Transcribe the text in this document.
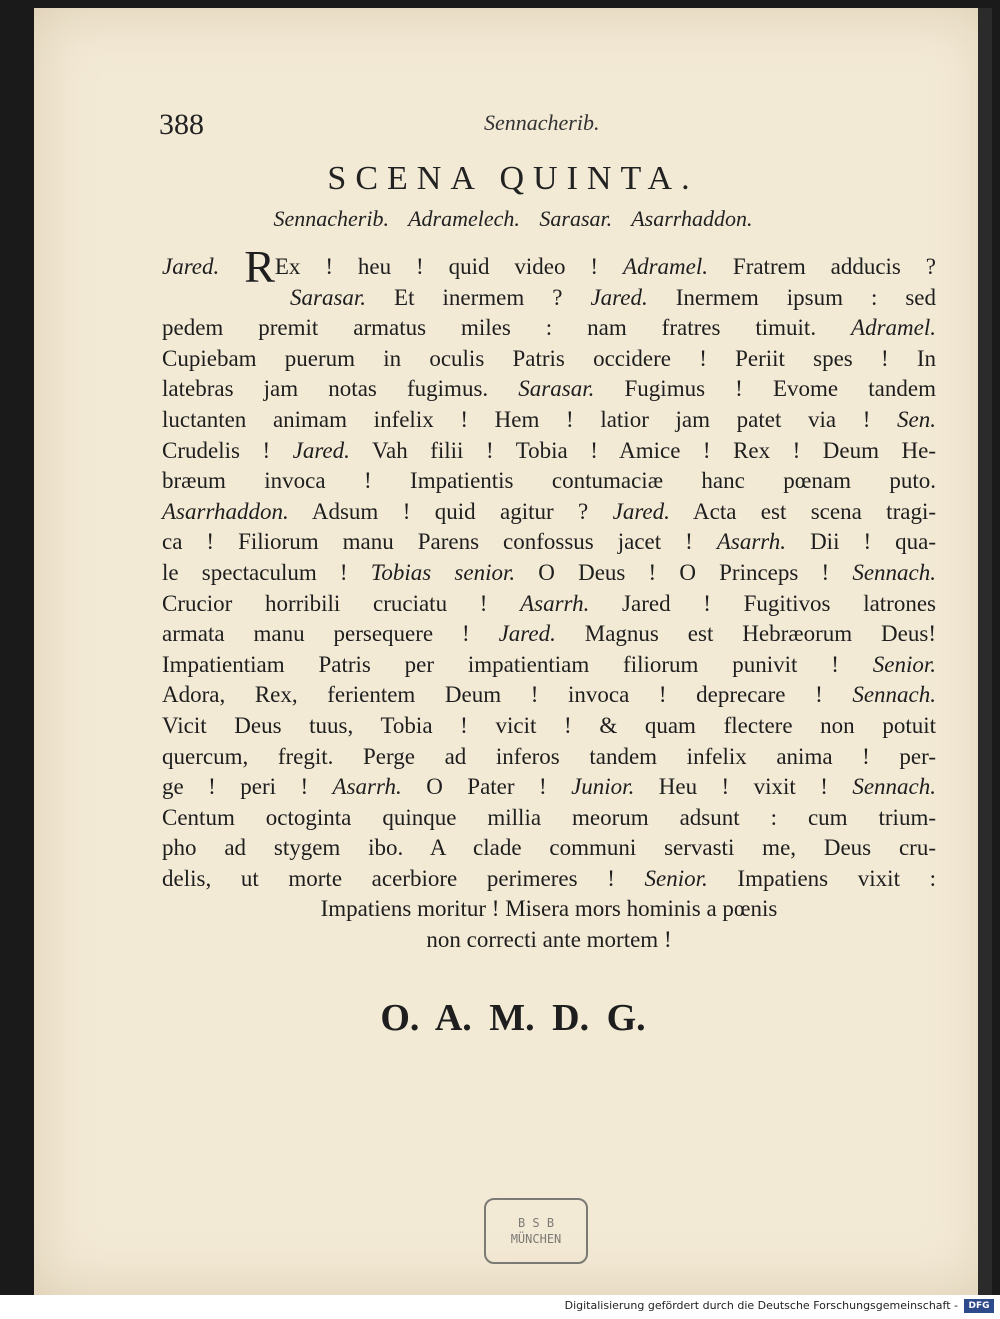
388	Sennacherib.
SCENA QUINTA.
Sennacherib. Adramelech. Sarasar. Asarrhaddon.
Jared. REx ! heu ! quid video ! Adramel. Fratrem adducis ?
Sarasar. Et inermem ? Jared. Inermem ipsum : sed
pedem premit armatus miles : nam fratres timuit. Adramel.
Cupiebam puerum in oculis Patris occidere ! Periit spes ! In
latebras jam notas fugimus. Sarasar. Fugimus ! Evome tandem
luctanten animam infelix ! Hem ! latior jam patet via ! Sen.
Crudelis ! Jared. Vah filii ! Tobia ! Amice ! Rex ! Deum He-
bræum invoca ! Impatientis contumaciæ hanc pœnam puto.
Asarrhaddon. Adsum ! quid agitur ? Jared. Acta est scena tragi-
ca ! Filiorum manu Parens confossus jacet ! Asarrh. Dii ! qua-
le spectaculum ! Tobias senior. O Deus ! O Princeps ! Sennach.
Crucior horribili cruciatu ! Asarrh. Jared ! Fugitivos latrones
armata manu persequere ! Jared. Magnus est Hebræorum Deus!
Impatientiam Patris per impatientiam filiorum punivit ! Senior.
Adora, Rex, ferientem Deum ! invoca ! deprecare ! Sennach.
Vicit Deus tuus, Tobia ! vicit ! & quam flectere non potuit
quercum, fregit. Perge ad inferos tandem infelix anima ! per-
ge ! peri ! Asarrh. O Pater ! Junior. Heu ! vixit ! Sennach.
Centum octoginta quinque millia meorum adsunt : cum trium-
pho ad stygem ibo. A clade communi servasti me, Deus cru-
delis, ut morte acerbiore perimeres ! Senior. Impatiens vixit :
Impatiens moritur ! Misera mors hominis a pœnis
non correcti ante mortem !
O. A. M. D. G.
B S B
MÜNCHEN
Digitalisierung gefördert durch die Deutsche Forschungsgemeinschaft -	DFG
